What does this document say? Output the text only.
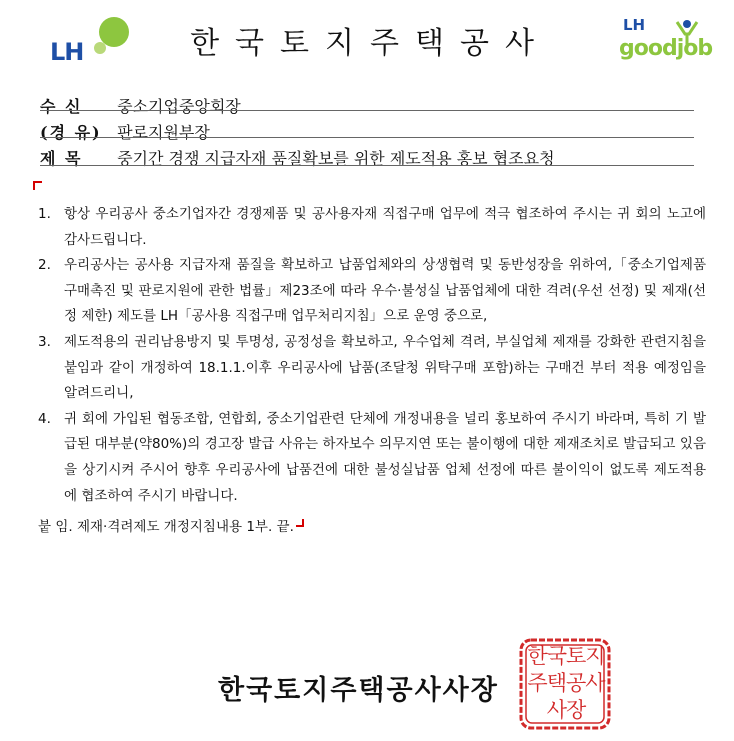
LH	한국토지주택공사
LH
goodjob
수 신 중소기업중앙회장
(경 유) 판로지원부장
제 목 중기간 경쟁 지급자재 품질확보를 위한 제도적용 홍보 협조요청
1. 항상 우리공사 중소기업자간 경쟁제품 및 공사용자재 직접구매 업무에 적극 협조하여 주시는 귀 회의 노고에 감사드립니다.
2. 우리공사는 공사용 지급자재 품질을 확보하고 납품업체와의 상생협력 및 동반성장을 위하여,「중소기업제품 구매촉진 및 판로지원에 관한 법률」제23조에 따라 우수·불성실 납품업체에 대한 격려(우선 선정) 및 제재(선정 제한) 제도를 LH「공사용 직접구매 업무처리지침」으로 운영 중으로,
3. 제도적용의 권리남용방지 및 투명성, 공정성을 확보하고, 우수업체 격려, 부실업체 제재를 강화한 관련지침을 붙임과 같이 개정하여 18.1.1.이후 우리공사에 납품(조달청 위탁구매 포함)하는 구매건 부터 적용 예정임을 알려드리니,
4. 귀 회에 가입된 협동조합, 연합회, 중소기업관련 단체에 개정내용을 널리 홍보하여 주시기 바라며, 특히 기 발급된 대부분(약80%)의 경고장 발급 사유는 하자보수 의무지연 또는 불이행에 대한 제재조치로 발급되고 있음을 상기시켜 주시어 향후 우리공사에 납품건에 대한 불성실납품 업체 선정에 따른 불이익이 없도록 제도적용에 협조하여 주시기 바랍니다.
붙 임. 제재·격려제도 개정지침내용 1부. 끝.
한국토지주택공사사장
한국토지주택공사사장
